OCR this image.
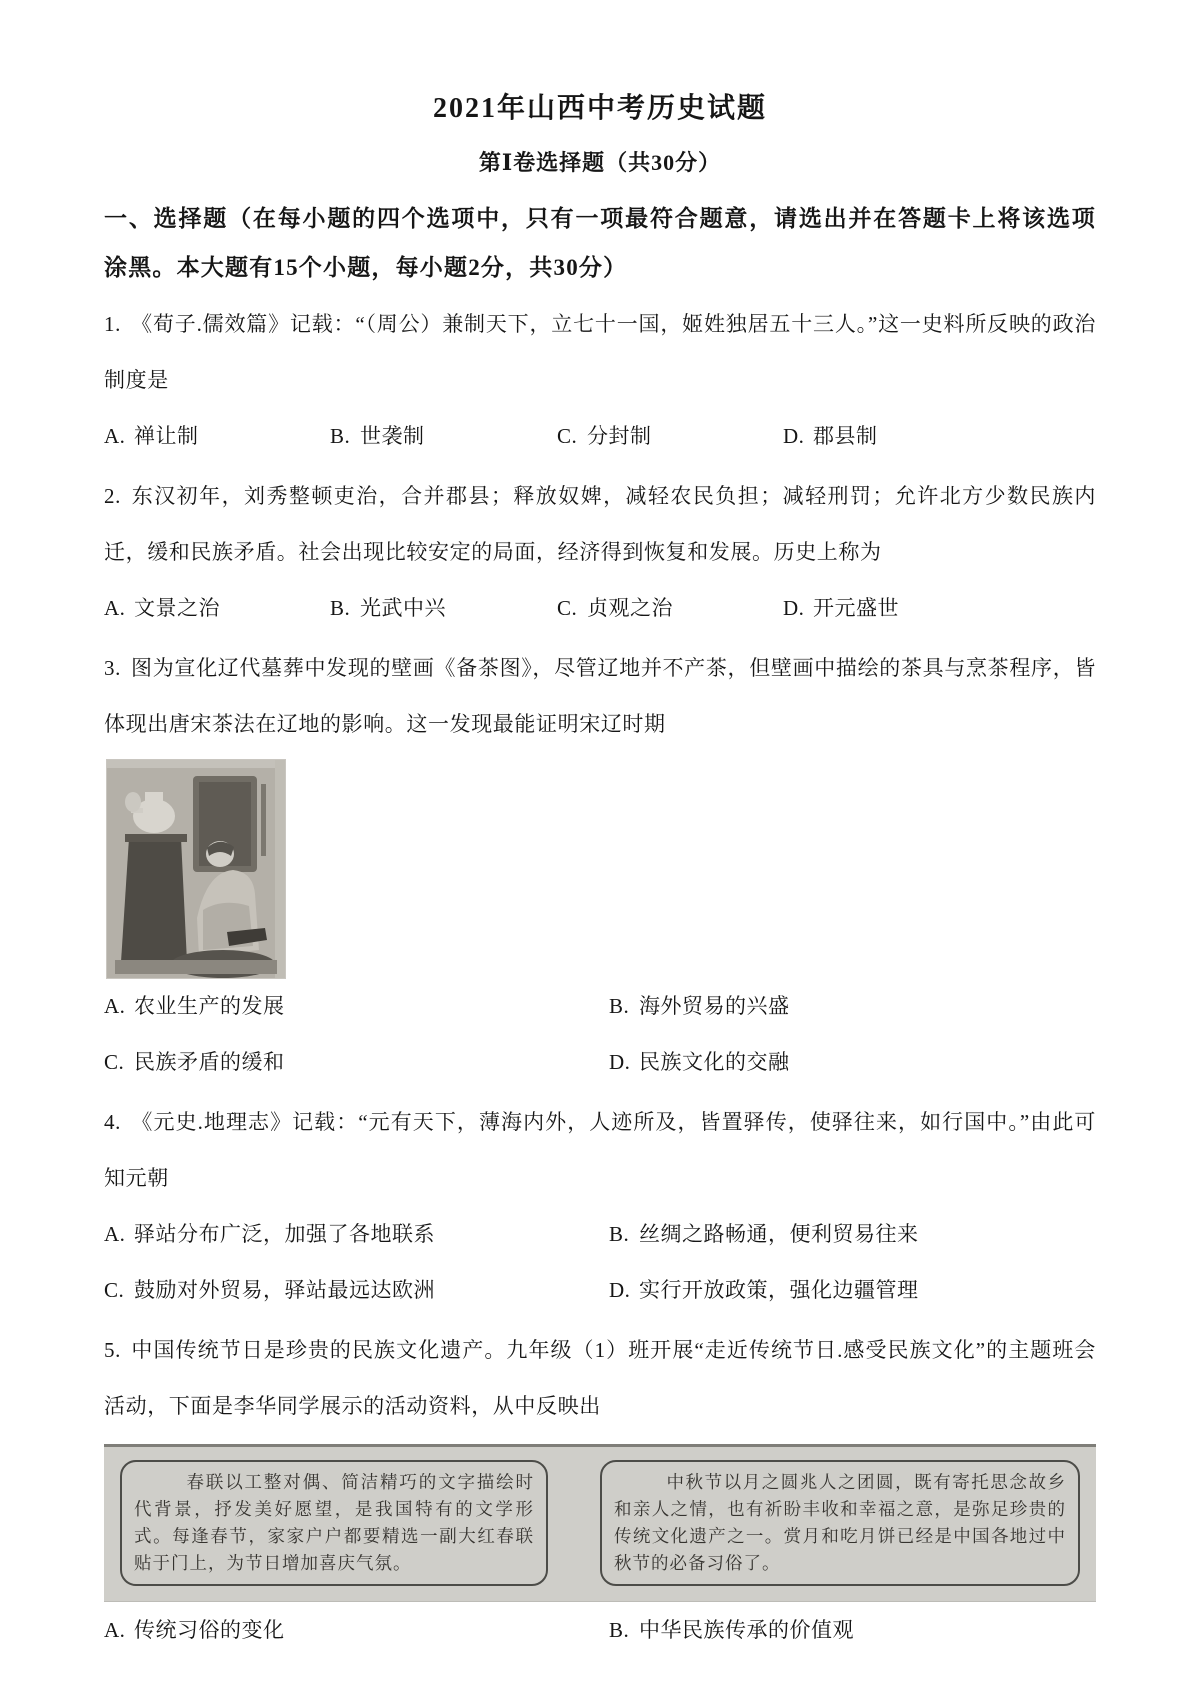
2021年山西中考历史试题
第Ⅰ卷选择题（共30分）
一、选择题（在每小题的四个选项中，只有一项最符合题意，请选出并在答题卡上将该选项涂黑。本大题有15个小题，每小题2分，共30分）

1. 《荀子.儒效篇》记载：“（周公）兼制天下，立七十一国，姬姓独居五十三人。”这一史料所反映的政治制度是

A. 禅让制	B. 世袭制	C. 分封制	D. 郡县制

2. 东汉初年，刘秀整顿吏治，合并郡县；释放奴婢，减轻农民负担；减轻刑罚；允许北方少数民族内迁，缓和民族矛盾。社会出现比较安定的局面，经济得到恢复和发展。历史上称为

A. 文景之治	B. 光武中兴	C. 贞观之治	D. 开元盛世

3. 图为宣化辽代墓葬中发现的壁画《备茶图》，尽管辽地并不产茶，但壁画中描绘的茶具与烹茶程序，皆体现出唐宋茶法在辽地的影响。这一发现最能证明宋辽时期

A. 农业生产的发展	B. 海外贸易的兴盛
C. 民族矛盾的缓和	D. 民族文化的交融

4. 《元史.地理志》记载：“元有天下，薄海内外，人迹所及，皆置驿传，使驿往来，如行国中。”由此可知元朝

A. 驿站分布广泛，加强了各地联系	B. 丝绸之路畅通，便利贸易往来
C. 鼓励对外贸易，驿站最远达欧洲	D. 实行开放政策，强化边疆管理

5. 中国传统节日是珍贵的民族文化遗产。九年级（1）班开展“走近传统节日.感受民族文化”的主题班会活动，下面是李华同学展示的活动资料，从中反映出

春联以工整对偶、简洁精巧的文字描绘时代背景，抒发美好愿望，是我国特有的文学形式。每逢春节，家家户户都要精选一副大红春联贴于门上，为节日增加喜庆气氛。
中秋节以月之圆兆人之团圆，既有寄托思念故乡和亲人之情，也有祈盼丰收和幸福之意，是弥足珍贵的传统文化遗产之一。赏月和吃月饼已经是中国各地过中秋节的必备习俗了。
A. 传统习俗的变化	B. 中华民族传承的价值观
